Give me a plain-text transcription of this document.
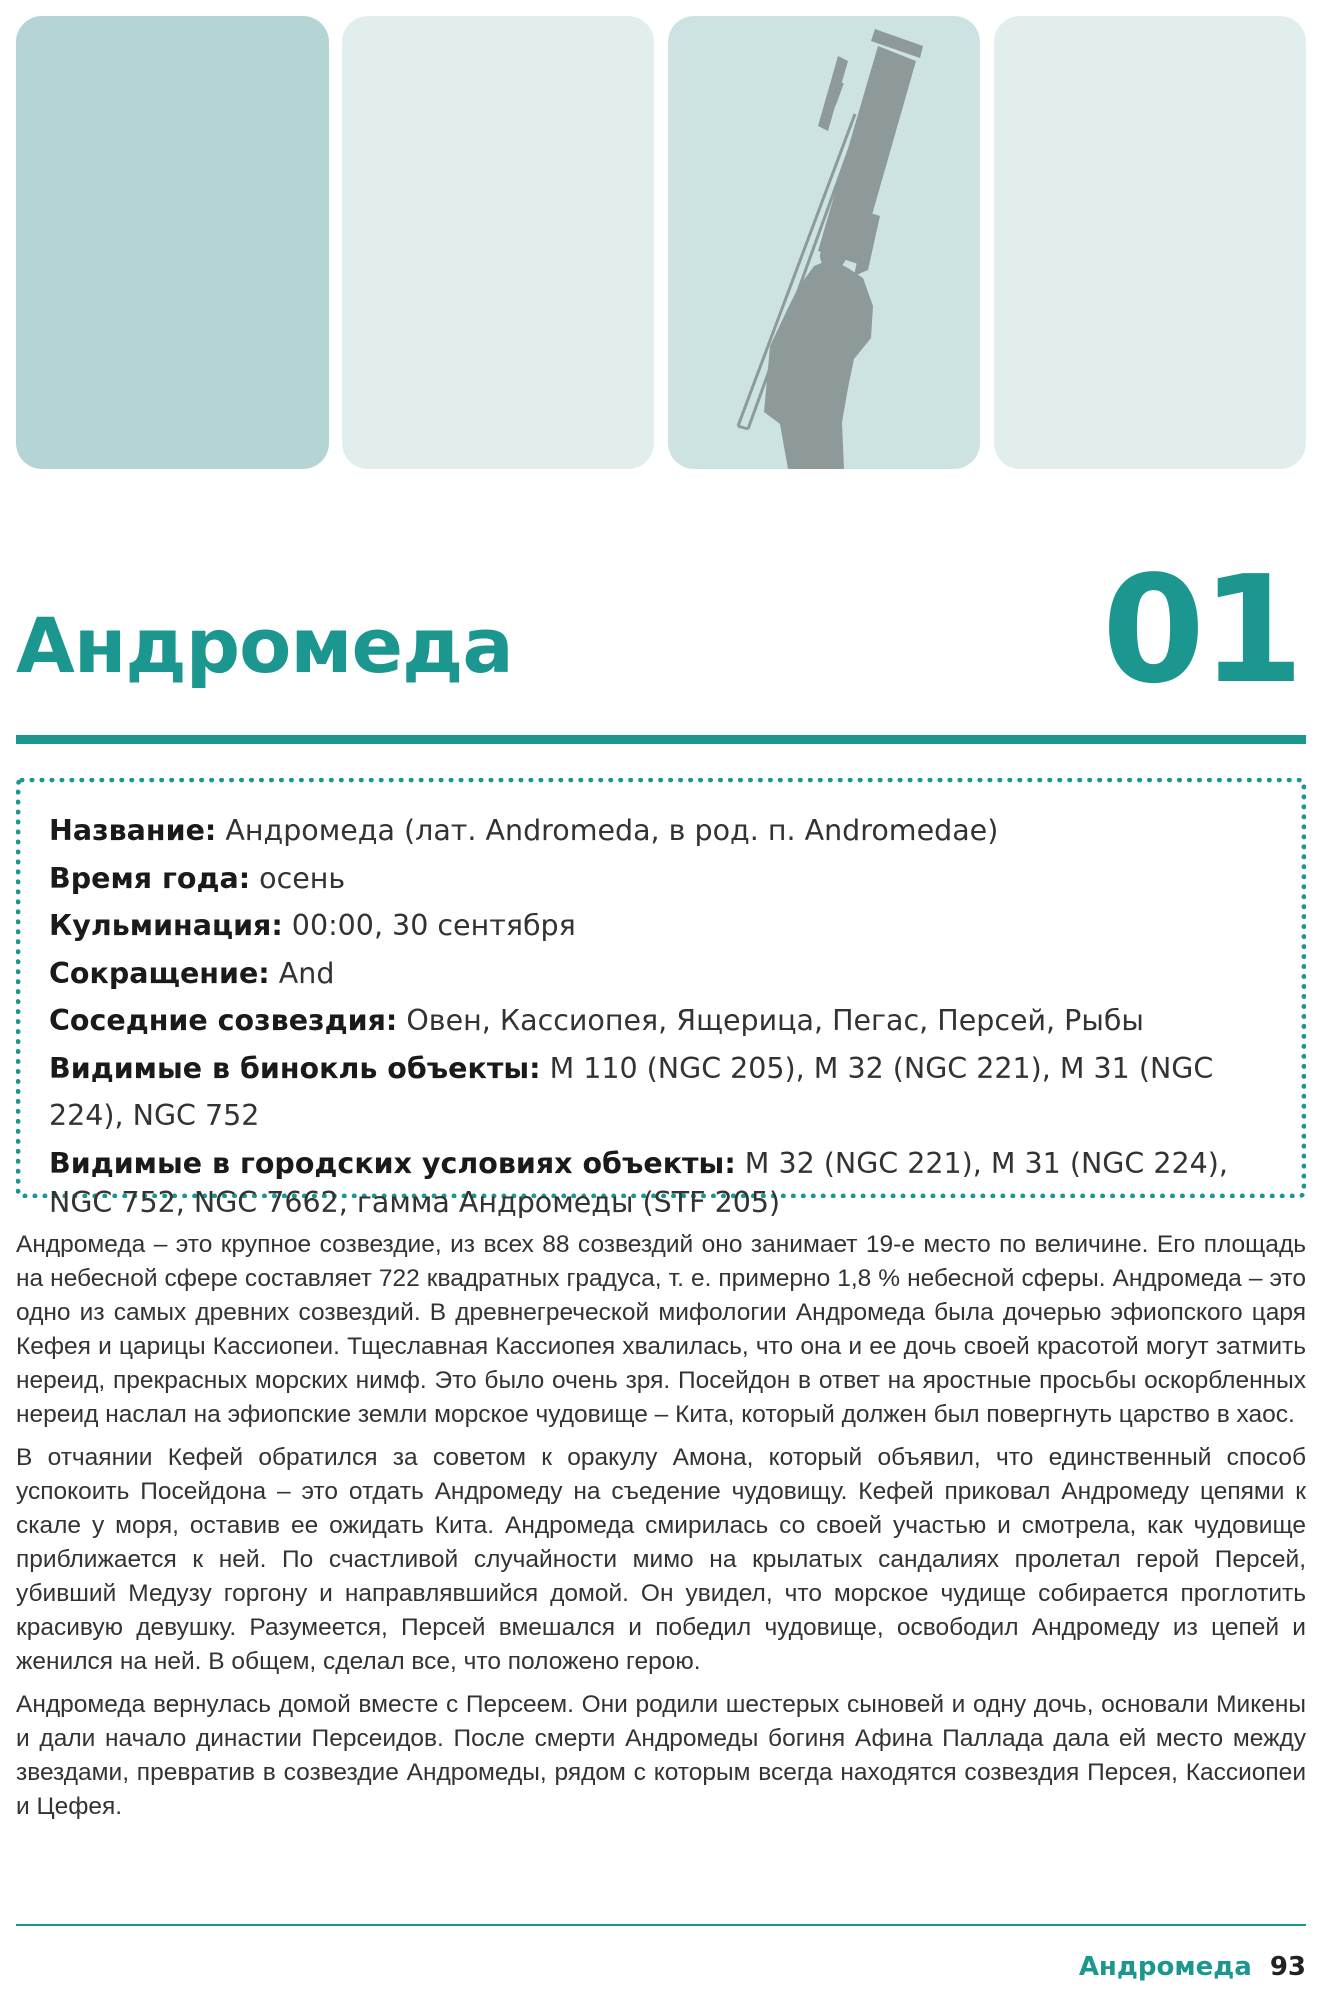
Андромеда	01

Название: Андромеда (лат. Andromeda, в род. п. Andromedae)

Время года: осень

Кульминация: 00:00, 30 сентября

Сокращение: And

Соседние созвездия: Овен, Кассиопея, Ящерица, Пегас, Персей, Рыбы

Видимые в бинокль объекты: M 110 (NGC 205), M 32 (NGC 221), M 31 (NGC 224), NGC 752

Видимые в городских условиях объекты: M 32 (NGC 221), M 31 (NGC 224), NGC 752, NGC 7662, гамма Андромеды (STF 205)

Андромеда – это крупное созвездие, из всех 88 созвездий оно занимает 19-е место по величине. Его площадь на небесной сфере составляет 722 квадратных градуса, т. е. примерно 1,8 % небесной сферы. Андромеда – это одно из самых древних созвездий. В древнегреческой мифологии Андромеда была дочерью эфиопского царя Кефея и царицы Кассиопеи. Тщеславная Кассиопея хвалилась, что она и ее дочь своей красотой могут затмить нереид, прекрасных морских нимф. Это было очень зря. Посейдон в ответ на яростные просьбы оскорбленных нереид наслал на эфиопские земли морское чудовище – Кита, который должен был повергнуть царство в хаос.

В отчаянии Кефей обратился за советом к оракулу Амона, который объявил, что единственный способ успокоить Посейдона – это отдать Андромеду на съедение чудовищу. Кефей приковал Андромеду цепями к скале у моря, оставив ее ожидать Кита. Андромеда смирилась со своей участью и смотрела, как чудовище приближается к ней. По счастливой случайности мимо на крылатых сандалиях пролетал герой Персей, убивший Медузу горгону и направлявшийся домой. Он увидел, что морское чудище собирается проглотить красивую девушку. Разумеется, Персей вмешался и победил чудовище, освободил Андромеду из цепей и женился на ней. В общем, сделал все, что положено герою.

Андромеда вернулась домой вместе с Персеем. Они родили шестерых сыновей и одну дочь, основали Микены и дали начало династии Персеидов. После смерти Андромеды богиня Афина Паллада дала ей место между звездами, превратив в созвездие Андромеды, рядом с которым всегда находятся созвездия Персея, Кассиопеи и Цефея.

Андромеда 93
